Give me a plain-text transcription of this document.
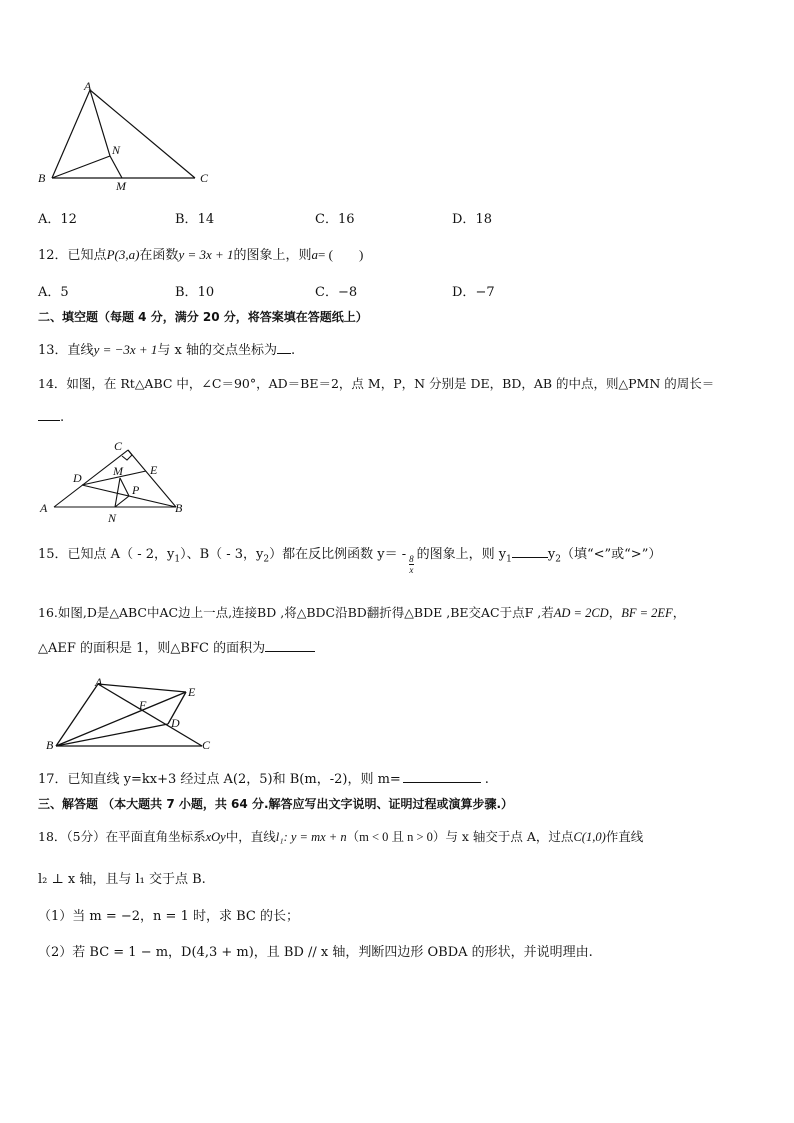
A
B	C
N
M
A．12	B．14	C．16	D．18
12．已知点P(3,a)在函数y = 3x + 1的图象上，则a= (　　)
A．5	B．10	C．−8	D．−7
二、填空题（每题 4 分，满分 20 分，将答案填在答题纸上）
13．直线y = −3x + 1与 x 轴的交点坐标为 .
14．如图，在 Rt△ABC 中，∠C＝90°，AD＝BE＝2，点 M，P，N 分别是 DE，BD，AB 的中点，则△PMN 的周长＝
.
C
M E
D
P
A	B
N
15．已知点 A（ - 2，$y_1$）、B（ - 3，$y_2$）都在反比例函数 $y= - \frac{8}{x}$ 的图象上，则 $y_1$	$y_2$（填“<”或“>”）
16.如图,D是△ABC中AC边上一点,连接BD ,将△BDC沿BD翻折得△BDE ,BE交AC于点F ,若AD = 2CD，BF = 2EF，
△AEF 的面积是 1，则△BFC 的面积为
A
E
F
D
B	C
17．已知直线 y=kx+3 经过点 A(2，5)和 B(m，-2)，则 m=	.
三、解答题 （本大题共 7 小题，共 64 分.解答应写出文字说明、证明过程或演算步骤.）
18．（5分）在平面直角坐标系xOy中，直线l₁: y = mx + n（m < 0 且 n > 0）与 x 轴交于点 A，过点C(1,0)作直线
l₂ ⊥ x 轴，且与 l₁ 交于点 B.
（1）当 m = −2，n = 1 时，求 BC 的长；
（2）若 BC = 1 − m，D(4,3 + m)，且 BD // x 轴，判断四边形 OBDA 的形状，并说明理由.
